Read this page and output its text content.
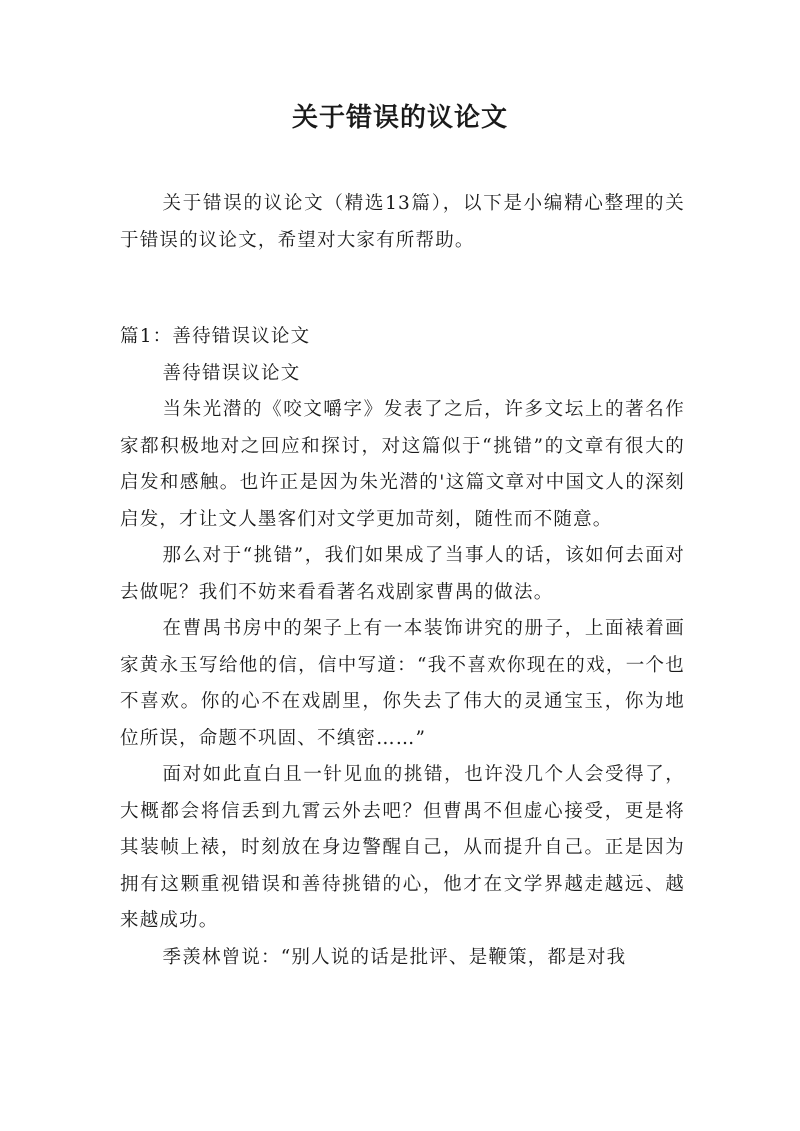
关于错误的议论文

关于错误的议论文（精选13篇），以下是小编精心整理的关于错误的议论文，希望对大家有所帮助。

篇1：善待错误议论文

善待错误议论文

当朱光潜的《咬文嚼字》发表了之后，许多文坛上的著名作家都积极地对之回应和探讨，对这篇似于“挑错”的文章有很大的启发和感触。也许正是因为朱光潜的'这篇文章对中国文人的深刻启发，才让文人墨客们对文学更加苛刻，随性而不随意。

那么对于“挑错”，我们如果成了当事人的话，该如何去面对去做呢？我们不妨来看看著名戏剧家曹禺的做法。

在曹禺书房中的架子上有一本装饰讲究的册子，上面裱着画家黄永玉写给他的信，信中写道：“我不喜欢你现在的戏，一个也不喜欢。你的心不在戏剧里，你失去了伟大的灵通宝玉，你为地位所误，命题不巩固、不缜密……”

面对如此直白且一针见血的挑错，也许没几个人会受得了，大概都会将信丢到九霄云外去吧？但曹禺不但虚心接受，更是将其装帧上裱，时刻放在身边警醒自己，从而提升自己。正是因为拥有这颗重视错误和善待挑错的心，他才在文学界越走越远、越来越成功。

季羡林曾说：“别人说的话是批评、是鞭策，都是对我
